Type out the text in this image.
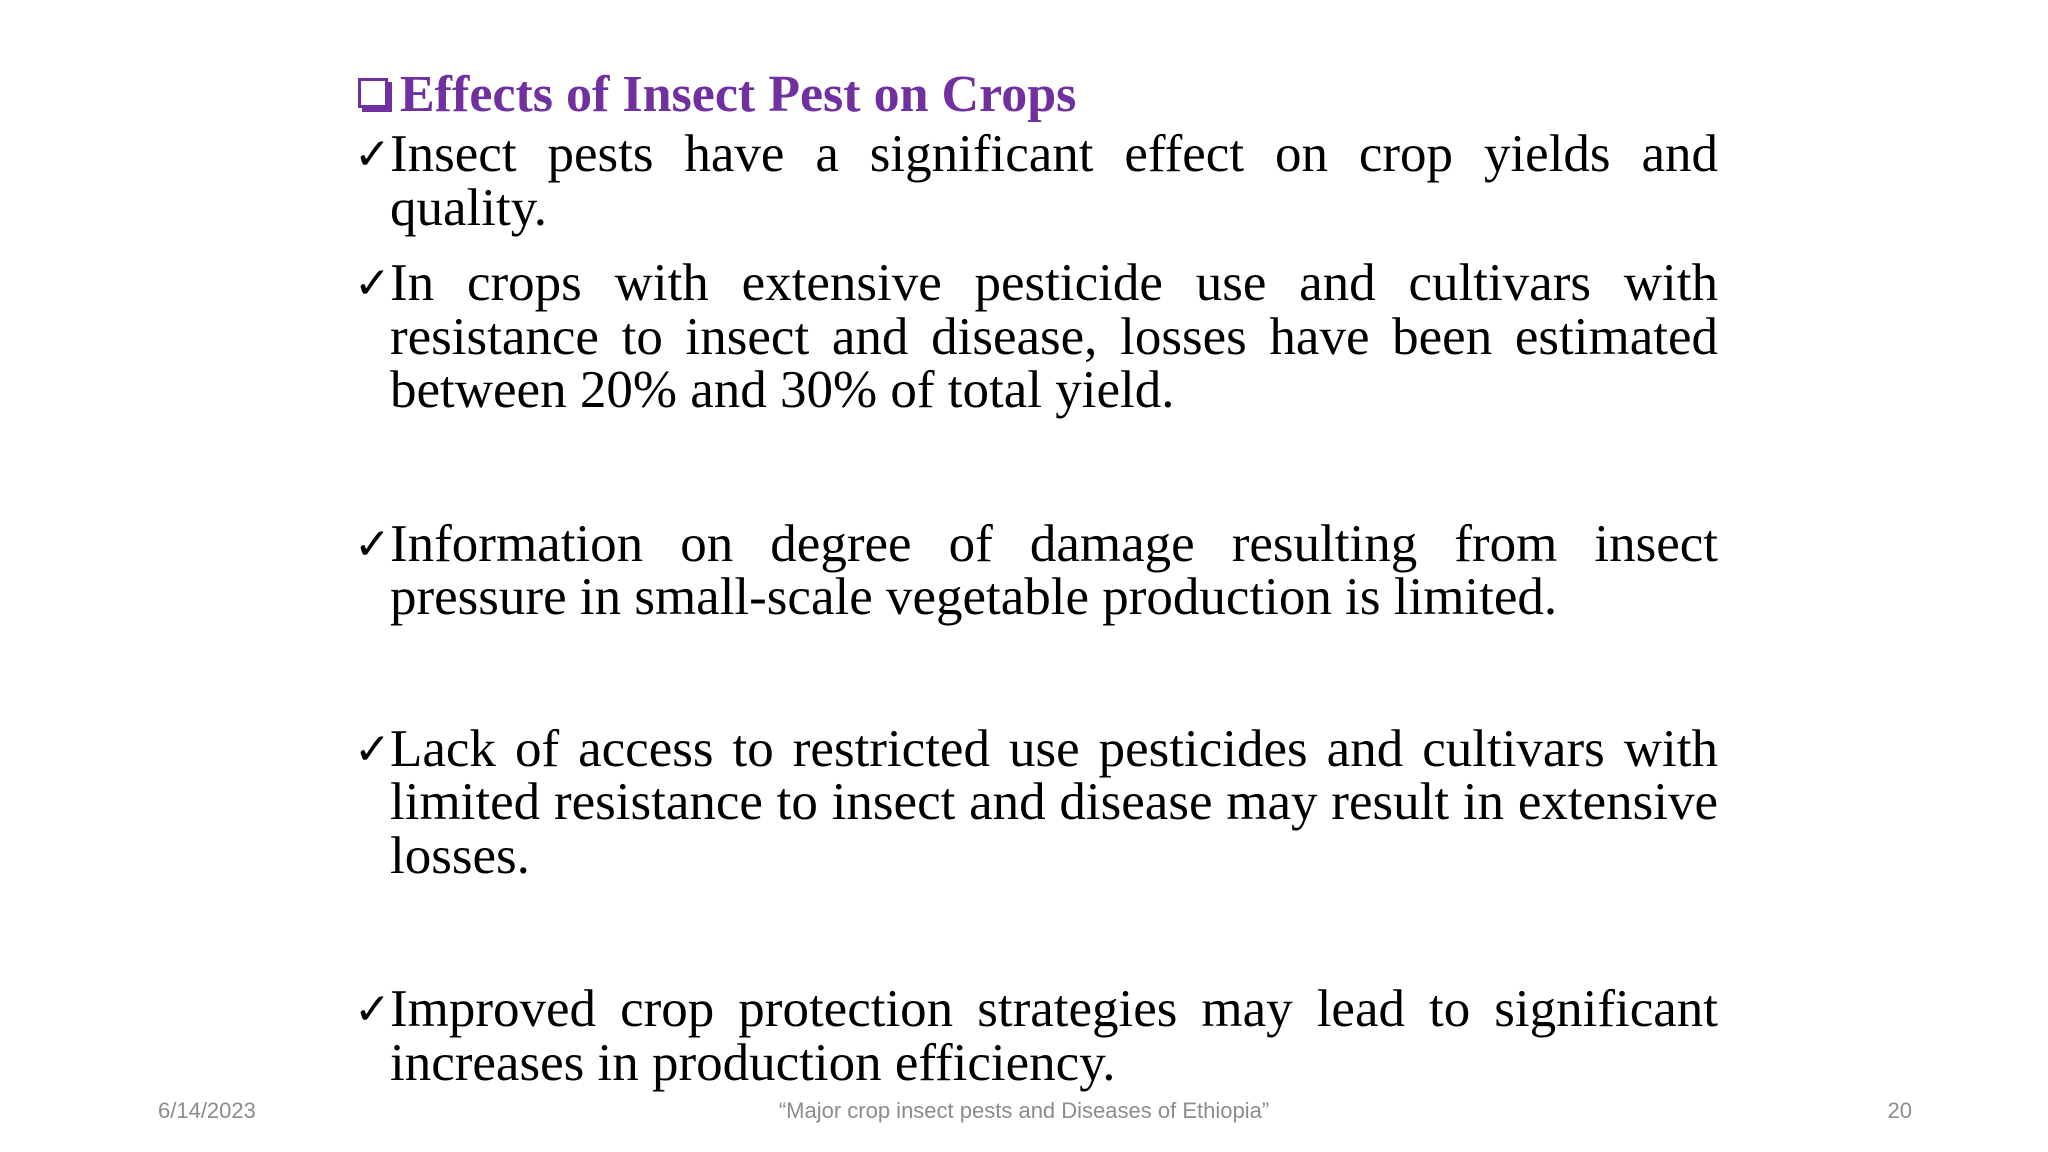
Effects of Insect Pest on Crops
✓ Insect pests have a significant effect on crop yields and quality.
✓ In crops with extensive pesticide use and cultivars with resistance to insect and disease, losses have been estimated between 20% and 30% of total yield.
✓ Information on degree of damage resulting from insect pressure in small-scale vegetable production is limited.
✓ Lack of access to restricted use pesticides and cultivars with limited resistance to insect and disease may result in extensive losses.
✓ Improved crop protection strategies may lead to significant increases in production efficiency.
6/14/2023	“Major crop insect pests and Diseases of Ethiopia”	20
